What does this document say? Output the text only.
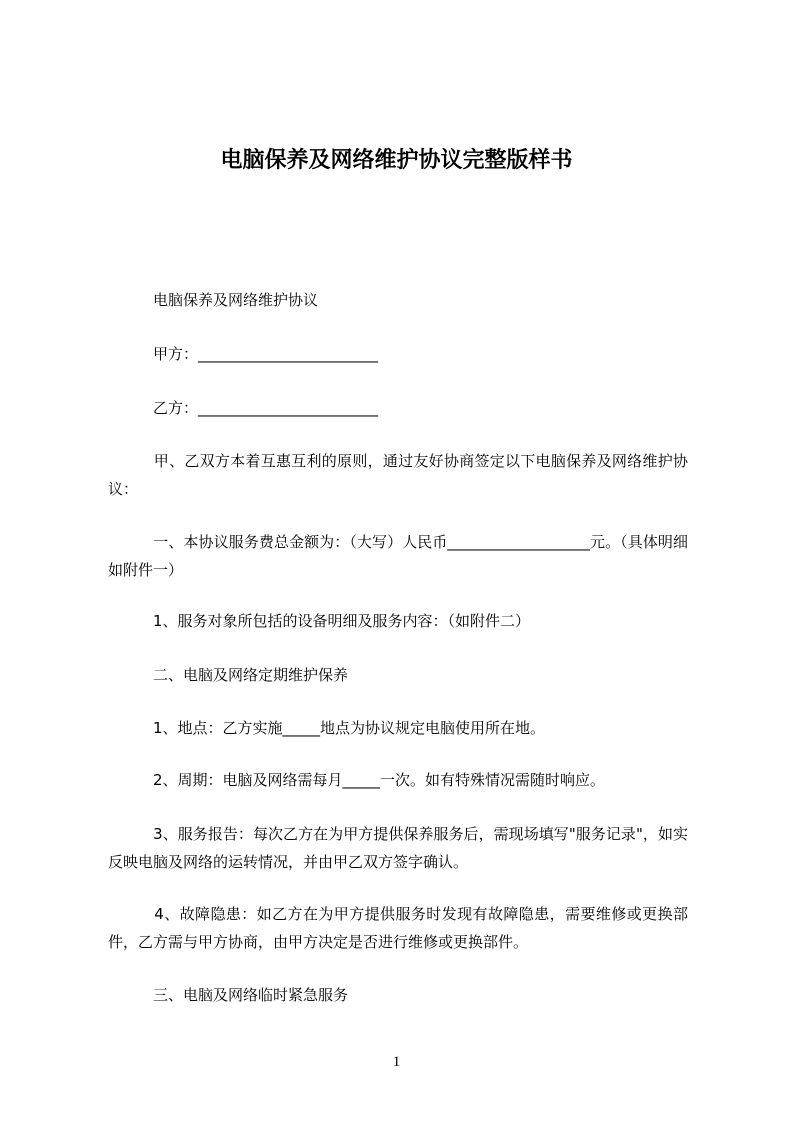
电脑保养及网络维护协议完整版样书
　　　电脑保养及网络维护协议
　　　甲方：________________________
　　　乙方：________________________
　　　甲、乙双方本着互惠互利的原则，通过友好协商签定以下电脑保养及网络维护协议：
　　　一、本协议服务费总金额为：（大写）人民币___________________元。（具体明细如附件一）
　　　1、服务对象所包括的设备明细及服务内容：（如附件二）
　　　二、电脑及网络定期维护保养
　　　1、地点：乙方实施_____地点为协议规定电脑使用所在地。
　　　2、周期：电脑及网络需每月_____一次。如有特殊情况需随时响应。
　　　3、服务报告：每次乙方在为甲方提供保养服务后，需现场填写"服务记录"，如实反映电脑及网络的运转情况，并由甲乙双方签字确认。
　　　4、故障隐患：如乙方在为甲方提供服务时发现有故障隐患，需要维修或更换部件，乙方需与甲方协商，由甲方决定是否进行维修或更换部件。
　　　三、电脑及网络临时紧急服务
1
